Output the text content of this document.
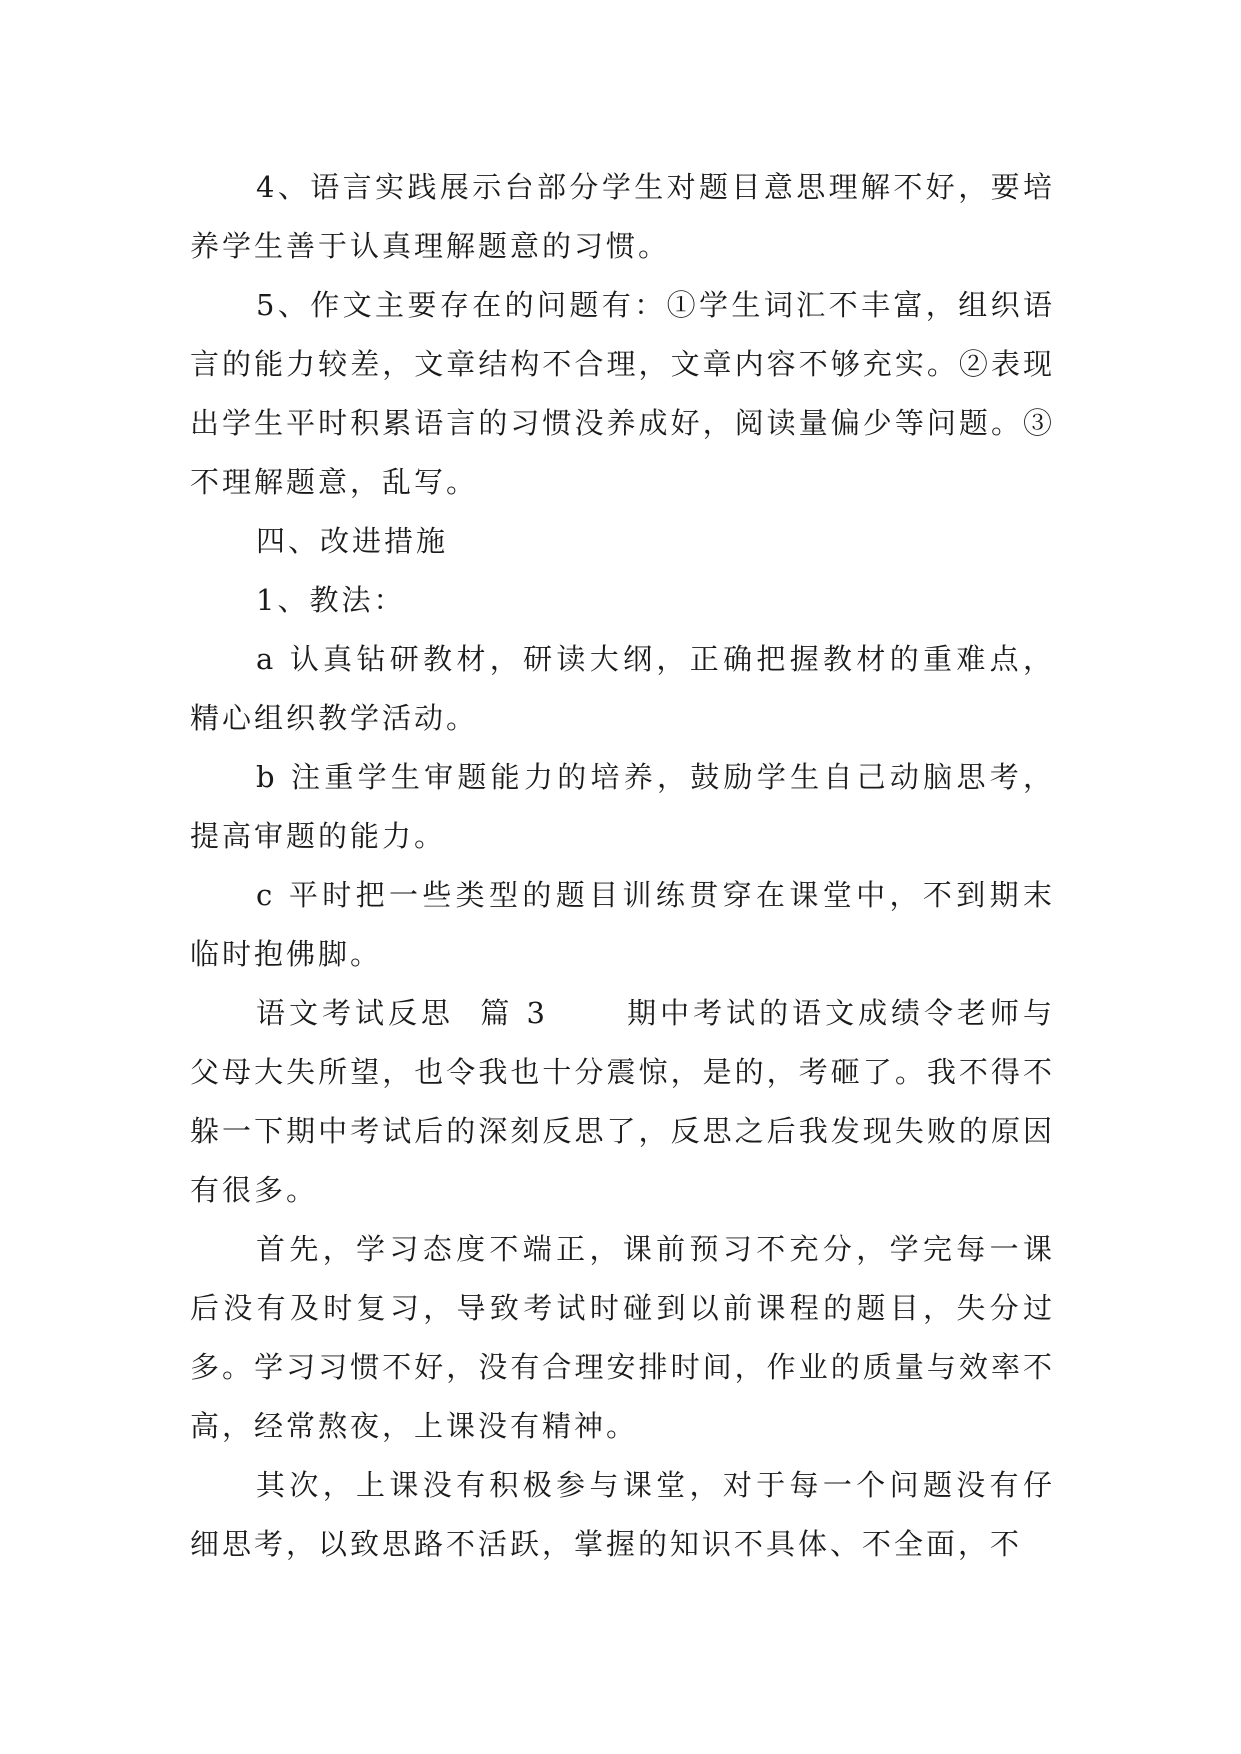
4、语言实践展示台部分学生对题目意思理解不好，要培养学生善于认真理解题意的习惯。

5、作文主要存在的问题有：①学生词汇不丰富，组织语言的能力较差，文章结构不合理，文章内容不够充实。②表现出学生平时积累语言的习惯没养成好，阅读量偏少等问题。③不理解题意，乱写。

四、改进措施

1、教法：

a 认真钻研教材，研读大纲，正确把握教材的重难点，精心组织教学活动。

b 注重学生审题能力的培养，鼓励学生自己动脑思考，提高审题的能力。

c 平时把一些类型的题目训练贯穿在课堂中，不到期末临时抱佛脚。

语文考试反思  篇 3      期中考试的语文成绩令老师与父母大失所望，也令我也十分震惊，是的，考砸了。我不得不躲一下期中考试后的深刻反思了，反思之后我发现失败的原因有很多。

首先，学习态度不端正，课前预习不充分，学完每一课后没有及时复习，导致考试时碰到以前课程的题目，失分过多。学习习惯不好，没有合理安排时间，作业的质量与效率不高，经常熬夜，上课没有精神。

其次，上课没有积极参与课堂，对于每一个问题没有仔细思考，以致思路不活跃，掌握的知识不具体、不全面，不
